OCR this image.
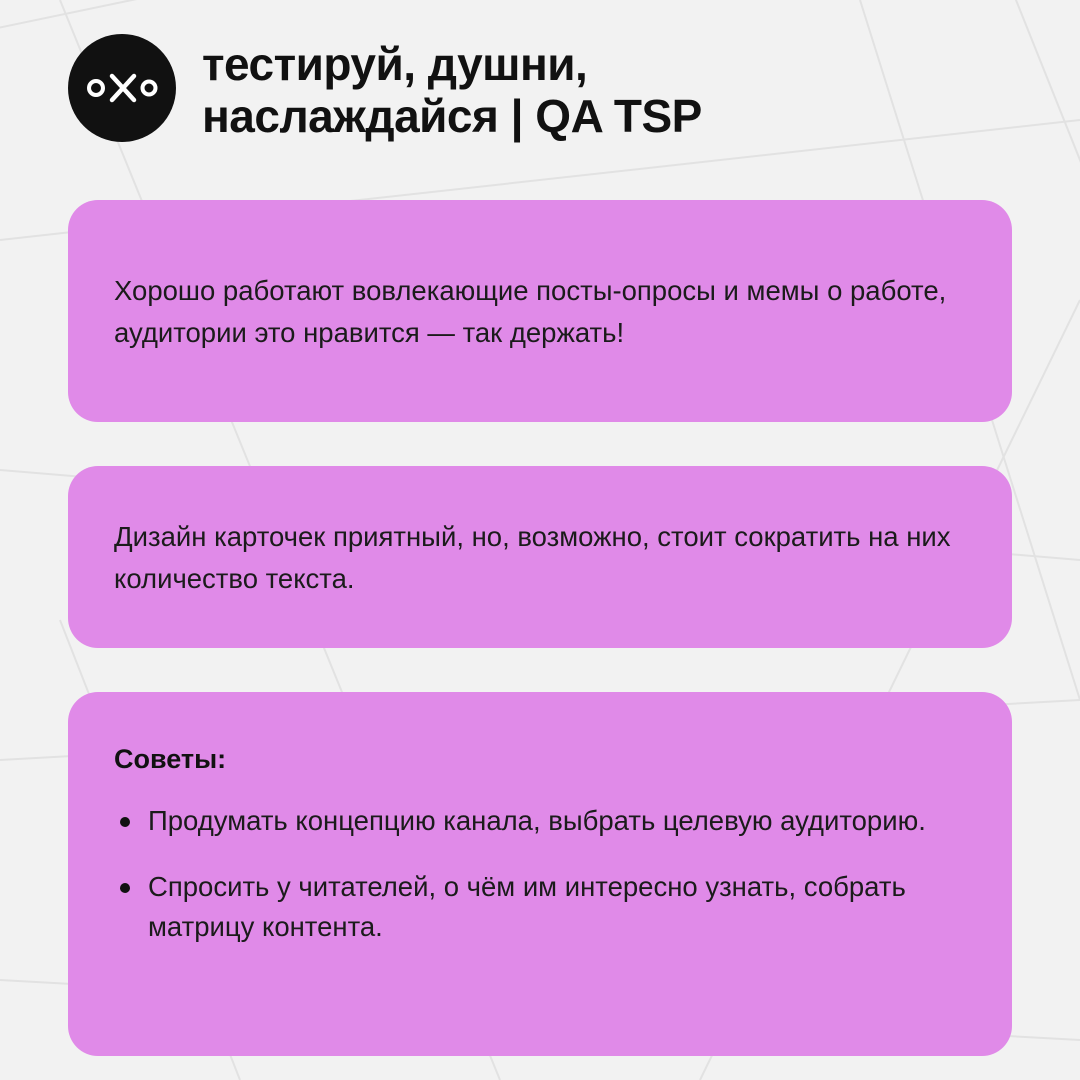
тестируй, душни,
наслаждайся | QA TSP

Хорошо работают вовлекающие посты-опросы и мемы о работе, аудитории это нравится — так держать!

Дизайн карточек приятный, но, возможно, стоит сократить на них количество текста.

Советы:
Продумать концепцию канала, выбрать целевую аудиторию.
Спросить у читателей, о чём им интересно узнать, собрать матрицу контента.
